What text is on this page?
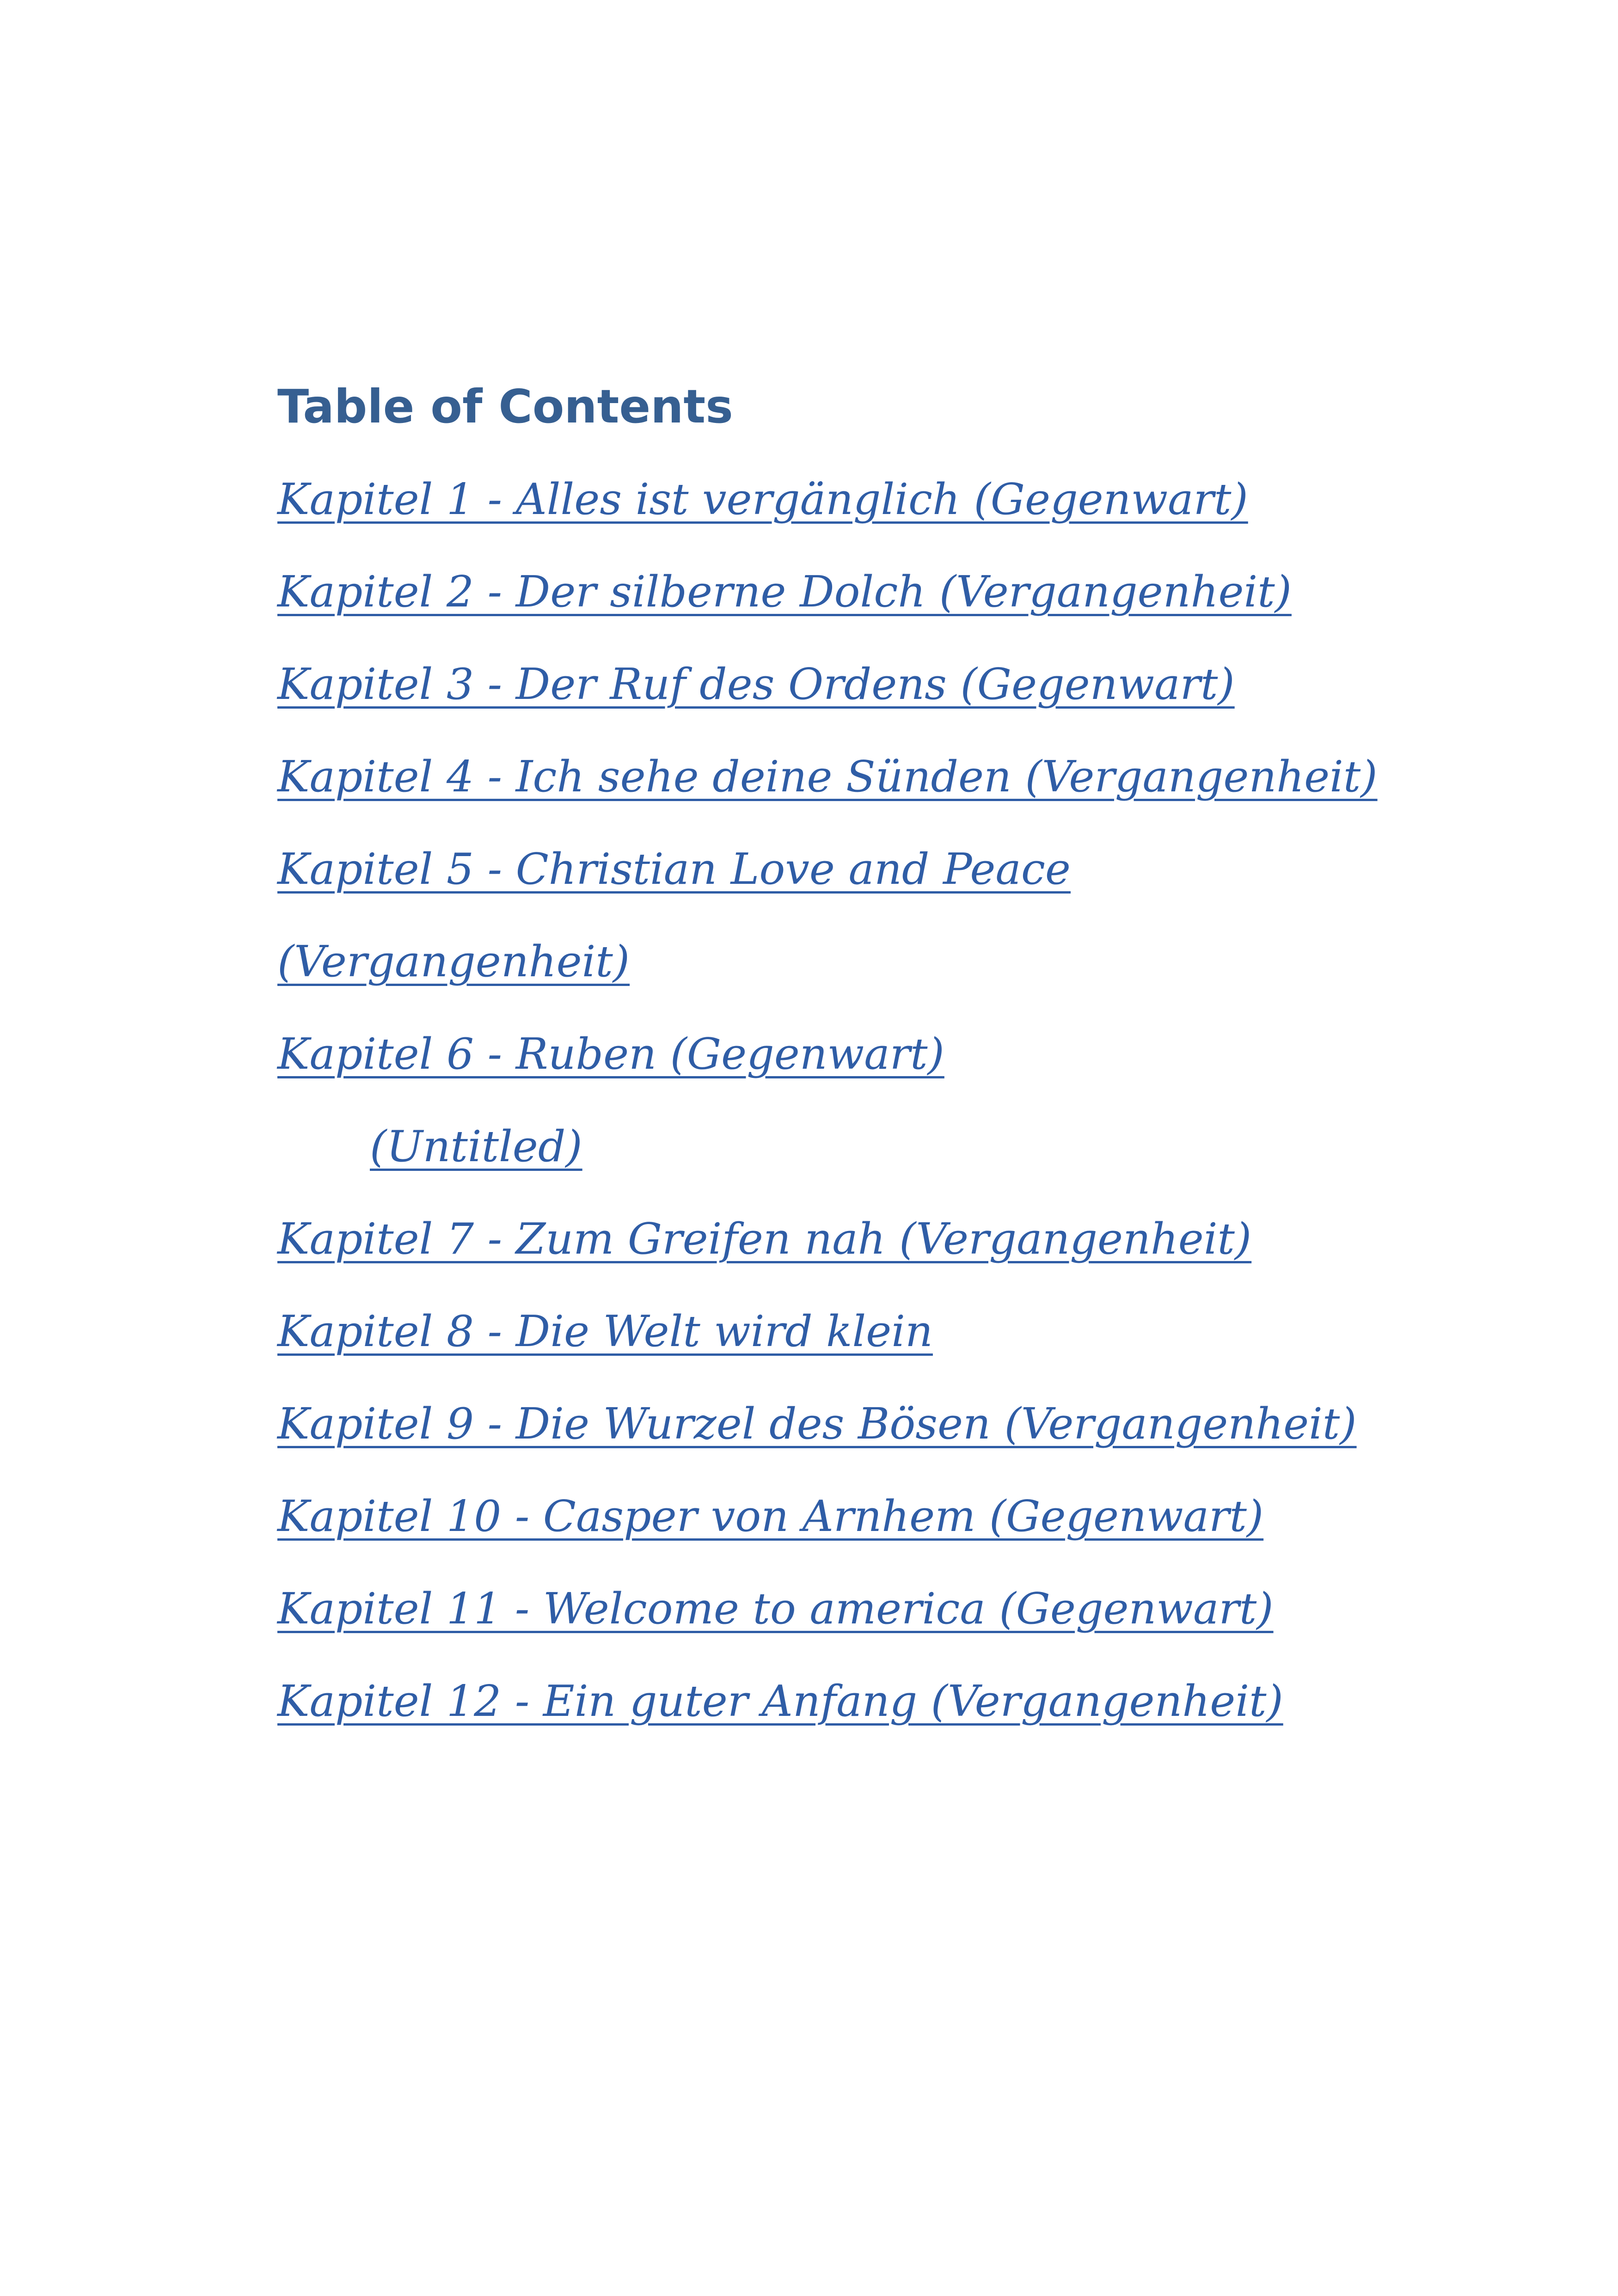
Table of Contents
Kapitel 1 - Alles ist vergänglich (Gegenwart)
Kapitel 2 - Der silberne Dolch (Vergangenheit)
Kapitel 3 - Der Ruf des Ordens (Gegenwart)
Kapitel 4 - Ich sehe deine Sünden (Vergangenheit)
Kapitel 5 - Christian Love and Peace
(Vergangenheit)
Kapitel 6 - Ruben (Gegenwart)
(Untitled)
Kapitel 7 - Zum Greifen nah (Vergangenheit)
Kapitel 8 - Die Welt wird klein
Kapitel 9 - Die Wurzel des Bösen (Vergangenheit)
Kapitel 10 - Casper von Arnhem (Gegenwart)
Kapitel 11 - Welcome to america (Gegenwart)
Kapitel 12 - Ein guter Anfang (Vergangenheit)
